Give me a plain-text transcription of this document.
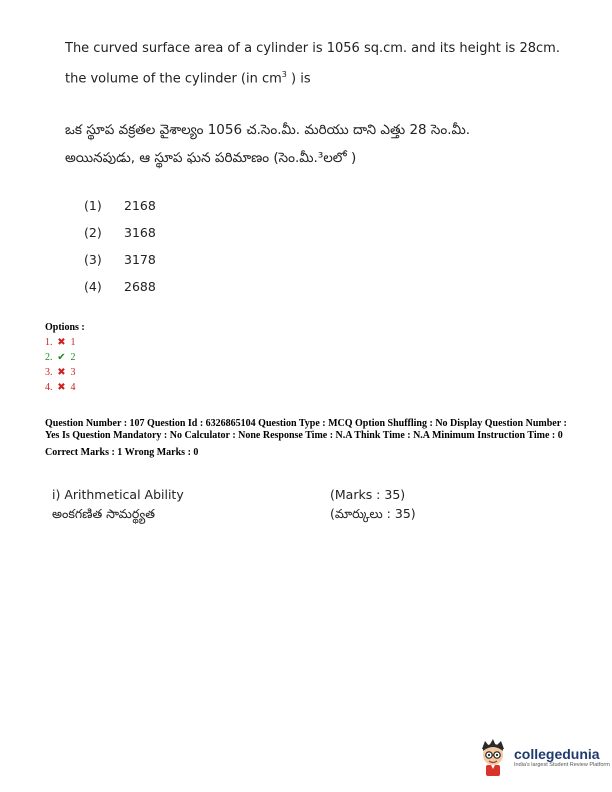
The curved surface area of a cylinder is 1056 sq.cm. and its height is 28cm.
the volume of the cylinder (in $cm^3$ ) is
ఒక స్థూప వక్రతల వైశాల్యం 1056 చ.సెం.మీ. మరియు దాని ఎత్తు 28 సెం.మీ.
అయినపుడు, ఆ స్థూప ఘన పరిమాణం (సెం.మీ.³లలో )
(1)	2168
(2)	3168
(3)	3178
(4)	2688
Options :
1. ✖ 1
2. ✔ 2
3. ✖ 3
4. ✖ 4
Question Number : 107 Question Id : 6326865104 Question Type : MCQ Option Shuffling : No Display Question Number : Yes Is Question Mandatory : No Calculator : None Response Time : N.A Think Time : N.A Minimum Instruction Time : 0
Correct Marks : 1 Wrong Marks : 0
i) Arithmetical Ability	(Marks : 35)
అంకగణిత సామర్థ్యత	(మార్కులు : 35)
collegedunia
India's largest Student Review Platform
